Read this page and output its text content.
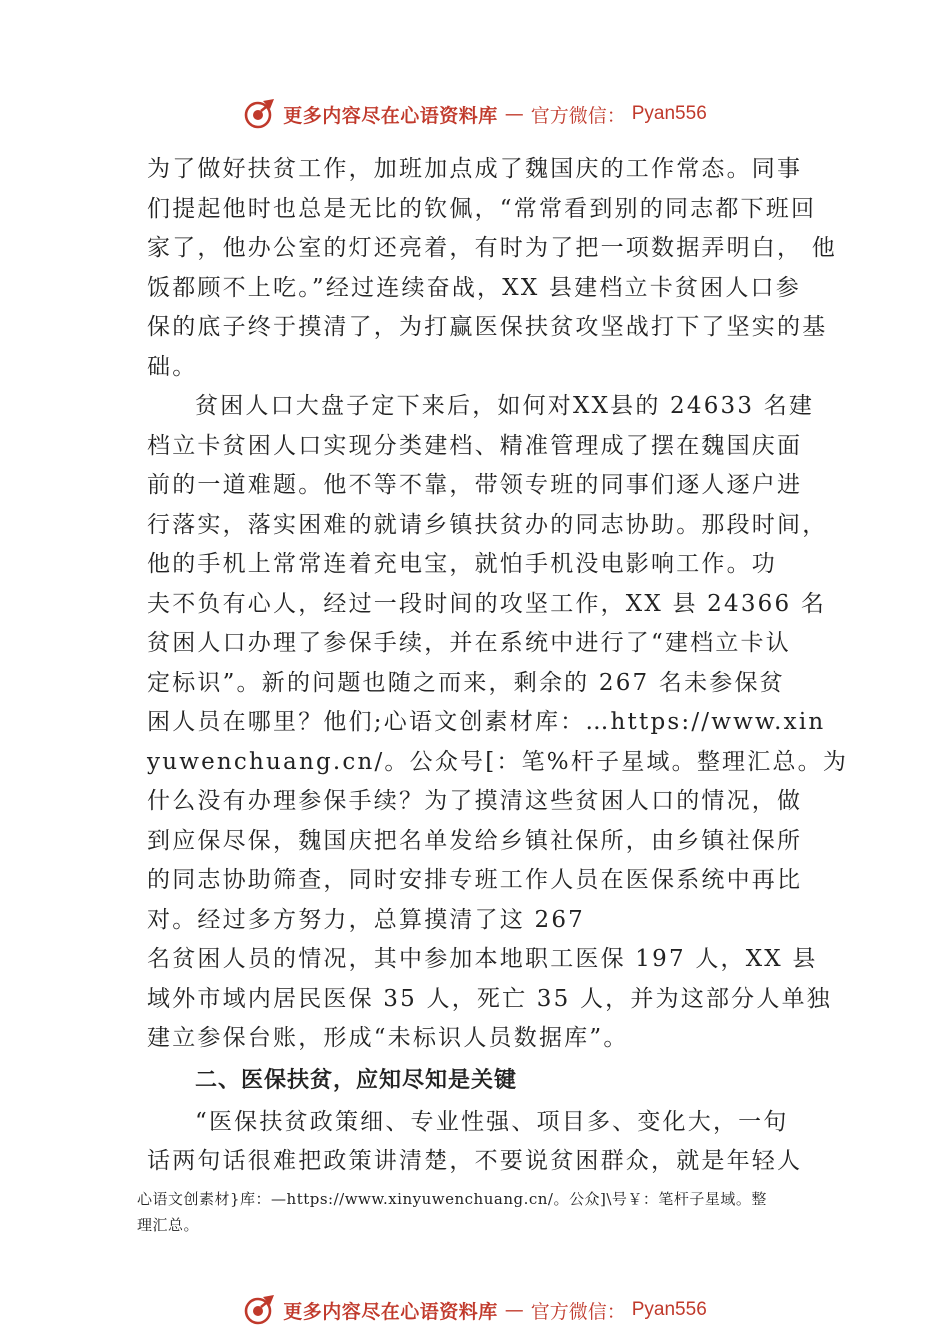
更多内容尽在心语资料库 — 官方微信： Pyan556
为了做好扶贫工作，加班加点成了魏国庆的工作常态。同事
们提起他时也总是无比的钦佩，“常常看到别的同志都下班回
家了，他办公室的灯还亮着，有时为了把一项数据弄明白， 他
饭都顾不上吃。”经过连续奋战，XX 县建档立卡贫困人口参
保的底子终于摸清了，为打赢医保扶贫攻坚战打下了坚实的基
础。
贫困人口大盘子定下来后，如何对XX县的 24633 名建
档立卡贫困人口实现分类建档、精准管理成了摆在魏国庆面
前的一道难题。他不等不靠，带领专班的同事们逐人逐户进
行落实，落实困难的就请乡镇扶贫办的同志协助。那段时间，
他的手机上常常连着充电宝，就怕手机没电影响工作。功
夫不负有心人，经过一段时间的攻坚工作，XX 县 24366 名
贫困人口办理了参保手续，并在系统中进行了“建档立卡认
定标识”。新的问题也随之而来，剩余的 267 名未参保贫
困人员在哪里？他们;心语文创素材库：…https://www.xin
yuwenchuang.cn/。公众号[：笔%杆子星域。整理汇总。为
什么没有办理参保手续？为了摸清这些贫困人口的情况，做
到应保尽保，魏国庆把名单发给乡镇社保所，由乡镇社保所
的同志协助筛查，同时安排专班工作人员在医保系统中再比
对。经过多方努力，总算摸清了这 267
名贫困人员的情况，其中参加本地职工医保 197 人，XX 县
域外市域内居民医保 35 人，死亡 35 人，并为这部分人单独
建立参保台账，形成“未标识人员数据库”。
二、医保扶贫，应知尽知是关键
“医保扶贫政策细、专业性强、项目多、变化大，一句
话两句话很难把政策讲清楚，不要说贫困群众，就是年轻人
心语文创素材}库：—https://www.xinyuwenchuang.cn/。公众]\号￥：笔杆子星域。整
理汇总。
更多内容尽在心语资料库 — 官方微信： Pyan556
